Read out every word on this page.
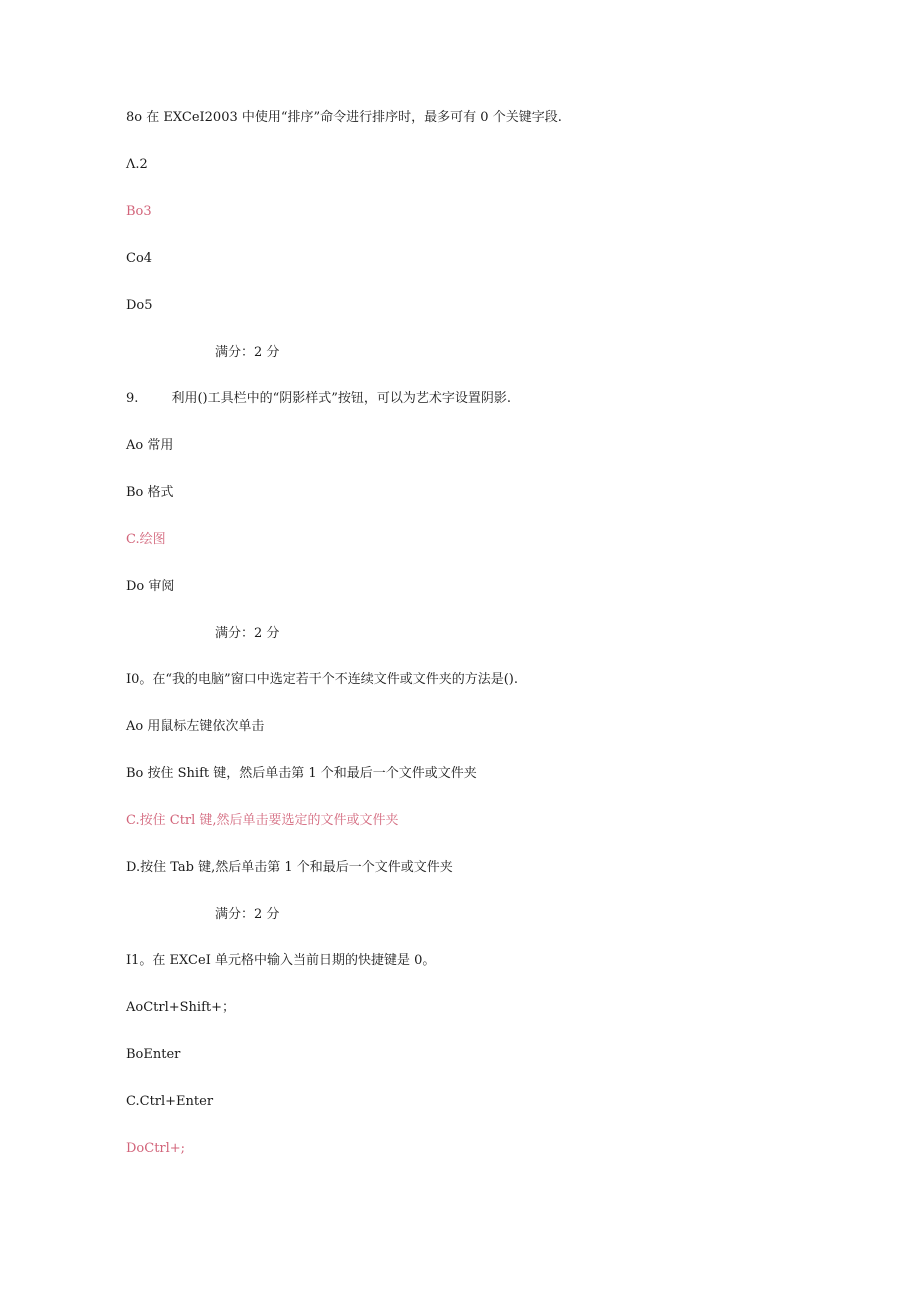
8o 在 EXCeI2003 中使用“排序”命令进行排序时，最多可有 0 个关键字段.
Λ.2
Bo3
Co4
Do5
满分：2 分
9.        利用()工具栏中的“阴影样式”按钮，可以为艺术字设置阴影.
Ao 常用
Bo 格式
C.绘图
Do 审阅
满分：2 分
I0。在“我的电脑”窗口中选定若干个不连续文件或文件夹的方法是().
Ao 用鼠标左键依次单击
Bo 按住 Shift 键，然后单击第 1 个和最后一个文件或文件夹
C.按住 Ctrl 键,然后单击要选定的文件或文件夹
D.按住 Tab 键,然后单击第 1 个和最后一个文件或文件夹
满分：2 分
I1。在 EXCeI 单元格中输入当前日期的快捷键是 0。
AoCtrl+Shift+；
BoEnter
C.Ctrl+Enter
DoCtrl+;
